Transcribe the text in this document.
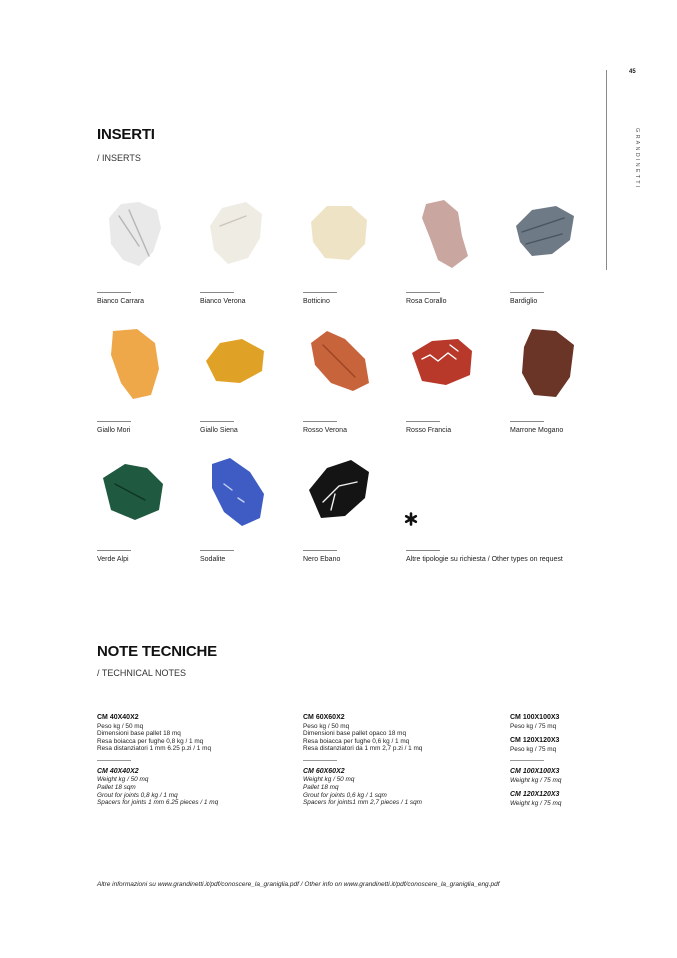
45
GRANDINETTI
INSERTI
/ INSERTS
Bianco Carrara	Bianco Verona	Botticino	Rosa Corallo	Bardiglio
Giallo Mori	Giallo Siena	Rosso Verona	Rosso Francia	Marrone Mogano
Verde Alpi	Sodalite	Nero Ebano	Altre tipologie su richiesta / Other types on request
NOTE TECNICHE
/ TECHNICAL NOTES
CM 40X40X2
Peso kg / 50 mq
Dimensioni base pallet 18 mq
Resa boiacca per fughe 0,8 kg / 1 mq
Resa distanziatori 1 mm 6.25 p.zi / 1 mq
CM 40X40X2
Weight kg / 50 mq
Pallet 18 sqm
Grout for joints 0,8 kg / 1 mq
Spacers for joints 1 mm 6.25 pieces / 1 mq
CM 60X60X2
Peso kg / 50 mq
Dimensioni base pallet opaco 18 mq
Resa boiacca per fughe 0,6 kg / 1 mq
Resa distanziatori da 1 mm 2,7 p.zi / 1 mq
CM 60X60X2
Weight kg / 50 mq
Pallet 18 mq
Grout for joints 0,6 kg / 1 sqm
Spacers for joints1 mm 2,7 pieces / 1 sqm
CM 100X100X3
Peso kg / 75 mq
CM 120X120X3
Peso kg / 75 mq
CM 100X100X3
Weight kg / 75 mq
CM 120X120X3
Weight kg / 75 mq
Altre informazioni su www.grandinetti.it/pdf/conoscere_la_graniglia.pdf / Other info on www.grandinetti.it/pdf/conoscere_la_graniglia_eng.pdf
